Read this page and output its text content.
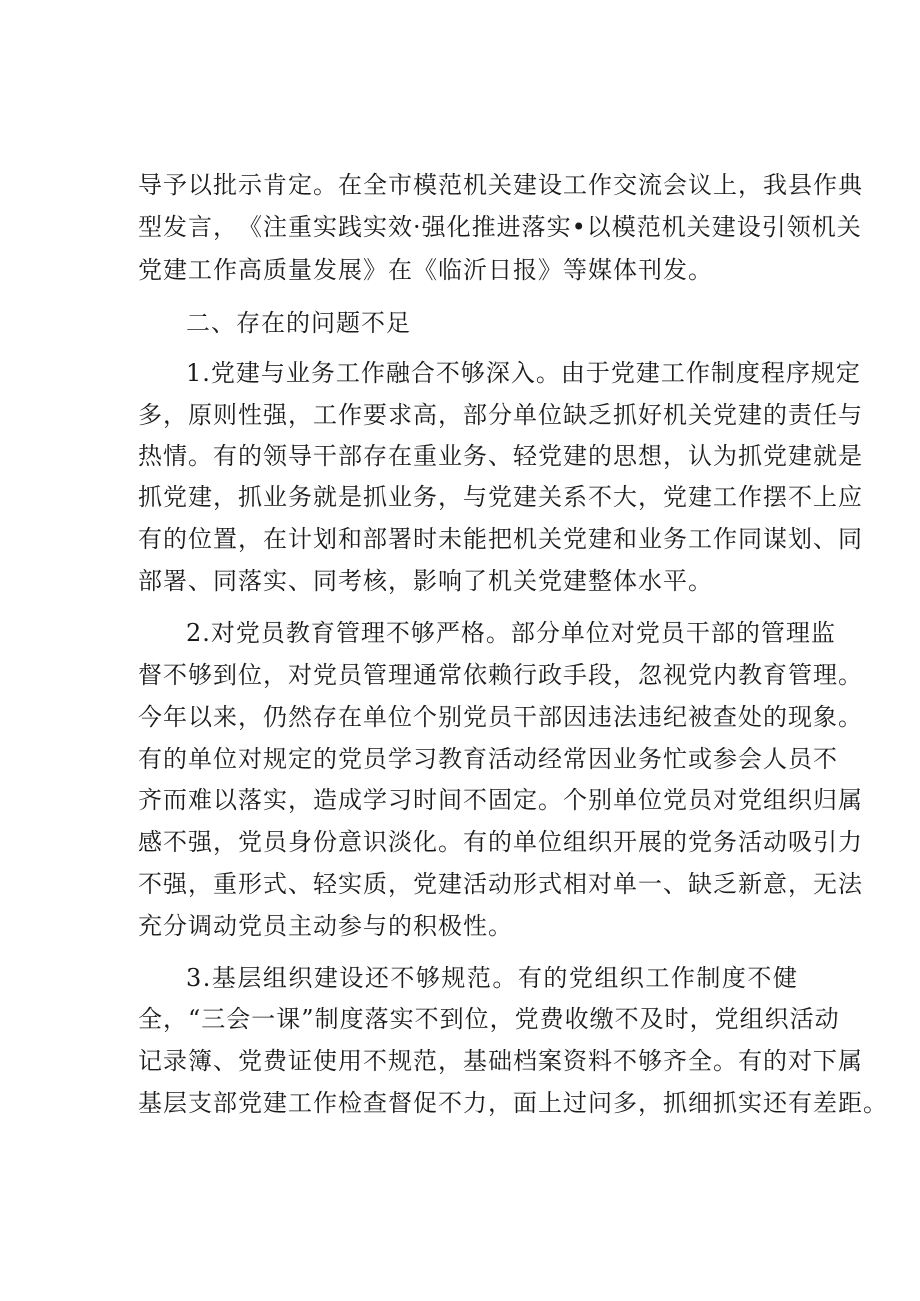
导 予 以 批 示 肯 定 。 在 全 市 模 范 机 关 建 设 工 作 交 流 会 议 上 ， 我 县 作 典

型 发 言 ， 《 注 重 实 践 实 效 · 强 化 推 进 落 实 • 以 模 范 机 关 建 设 引 领 机 关

党建工作高质量发展》在《临沂日报》等媒体刊发。

二、存在的问题不足

1 . 党 建 与 业 务 工 作 融 合 不 够 深 入 。 由 于 党 建 工 作 制 度 程 序 规 定

多 ， 原 则 性 强 ， 工 作 要 求 高 ， 部 分 单 位 缺 乏 抓 好 机 关 党 建 的 责 任 与

热 情 。 有 的 领 导 干 部 存 在 重 业 务 、 轻 党 建 的 思 想 ， 认 为 抓 党 建 就 是

抓 党 建 ， 抓 业 务 就 是 抓 业 务 ， 与 党 建 关 系 不 大 ， 党 建 工 作 摆 不 上 应

有 的 位 置 ， 在 计 划 和 部 署 时 未 能 把 机 关 党 建 和 业 务 工 作 同 谋 划 、 同

部署、同落实、同考核，影响了机关党建整体水平。

2 . 对 党 员 教 育 管 理 不 够 严 格 。 部 分 单 位 对 党 员 干 部 的 管 理 监

督 不 够 到 位 ， 对 党 员 管 理 通 常 依 赖 行 政 手 段 ， 忽 视 党 内 教 育 管 理 。

今 年 以 来 ， 仍 然 存 在 单 位 个 别 党 员 干 部 因 违 法 违 纪 被 查 处 的 现 象 。

有 的 单 位 对 规 定 的 党 员 学 习 教 育 活 动 经 常 因 业 务 忙 或 参 会 人 员 不

齐 而 难 以 落 实 ， 造 成 学 习 时 间 不 固 定 。 个 别 单 位 党 员 对 党 组 织 归 属

感 不 强 ， 党 员 身 份 意 识 淡 化 。 有 的 单 位 组 织 开 展 的 党 务 活 动 吸 引 力

不 强 ， 重 形 式 、 轻 实 质 ， 党 建 活 动 形 式 相 对 单 一 、 缺 乏 新 意 ， 无 法

充分调动党员主动参与的积极性。

3 . 基 层 组 织 建 设 还 不 够 规 范 。 有 的 党 组 织 工 作 制 度 不 健

全 ， “ 三 会 一 课 ” 制 度 落 实 不 到 位 ， 党 费 收 缴 不 及 时 ， 党 组 织 活 动

记 录 簿 、 党 费 证 使 用 不 规 范 ， 基 础 档 案 资 料 不 够 齐 全 。 有 的 对 下 属

基 层 支 部 党 建 工 作 检 查 督 促 不 力 ， 面 上 过 问 多 ， 抓 细 抓 实 还 有 差 距 。
